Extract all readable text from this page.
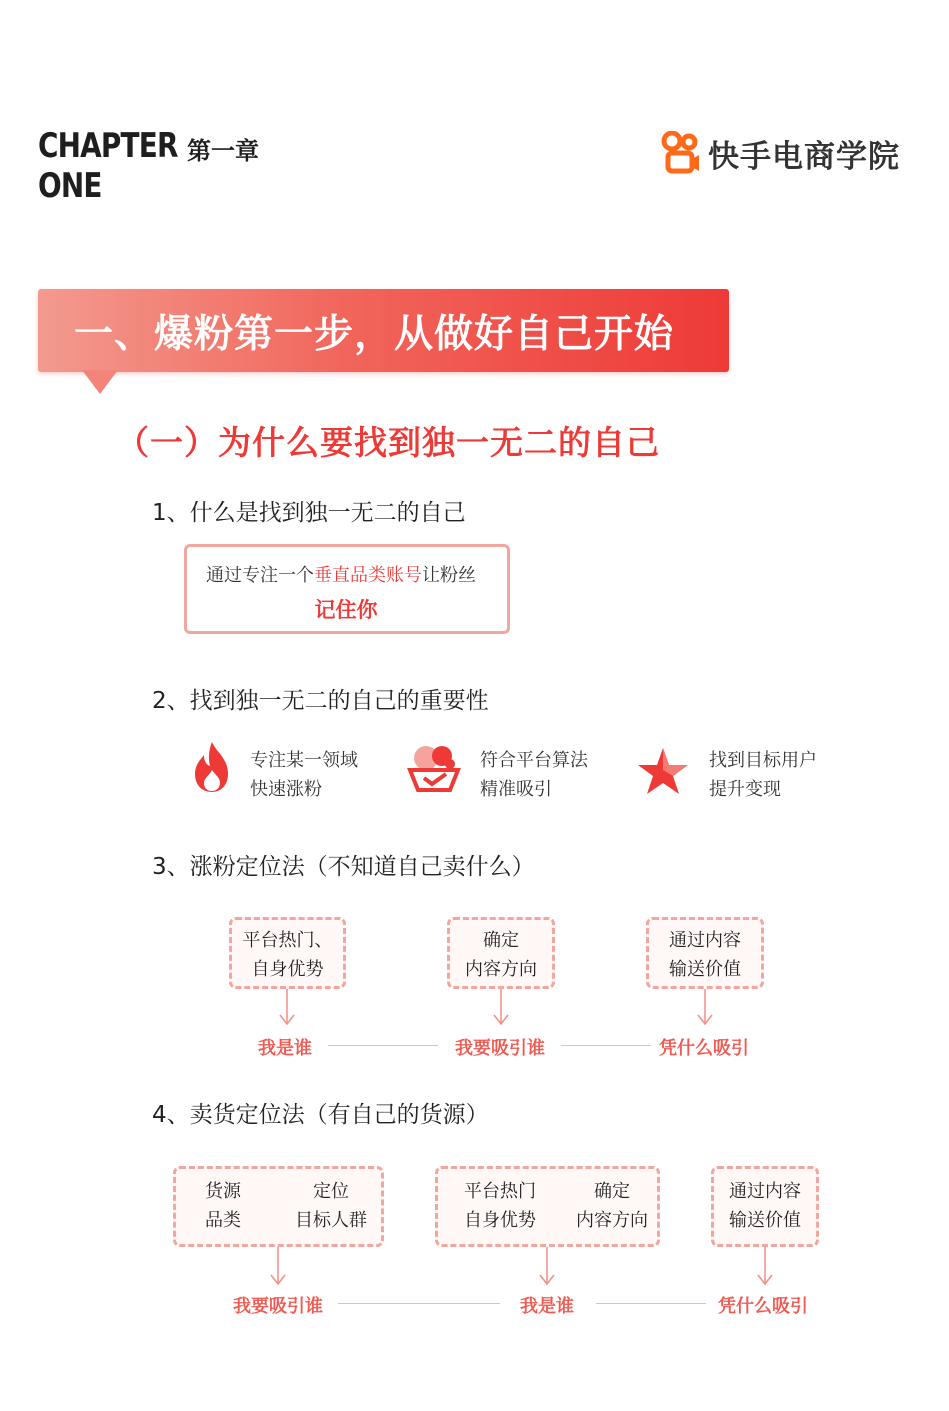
CHAPTER
ONE
第一章	快手电商学院
一、爆粉第一步，从做好自己开始
（一）为什么要找到独一无二的自己
1、什么是找到独一无二的自己
通过专注一个垂直品类账号让粉丝
记住你
2、找到独一无二的自己的重要性
专注某一领域
快速涨粉
符合平台算法
精准吸引
找到目标用户
提升变现
3、涨粉定位法（不知道自己卖什么）
平台热门、
自身优势
确定
内容方向
通过内容
输送价值
我是谁	我要吸引谁	凭什么吸引
4、卖货定位法（有自己的货源）
货源
品类
定位
目标人群
平台热门
自身优势
确定
内容方向
通过内容
输送价值
我要吸引谁	我是谁	凭什么吸引
